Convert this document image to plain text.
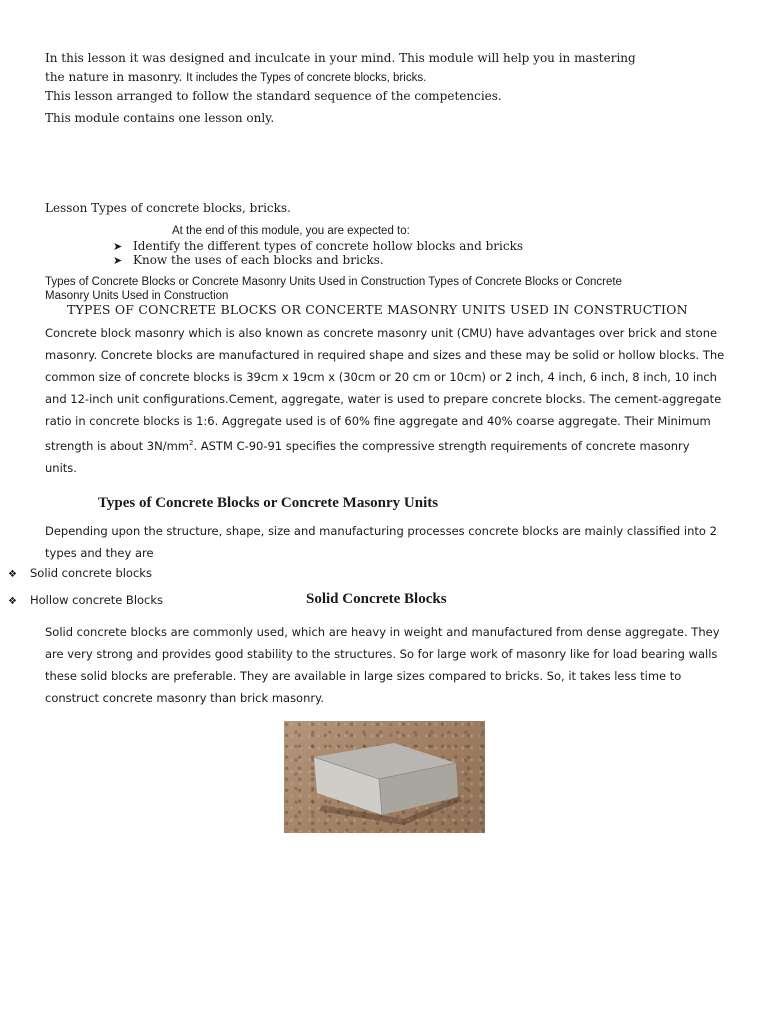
In this lesson it was designed and inculcate in your mind. This module will help you in mastering
the nature in masonry. It includes the Types of concrete blocks, bricks.
This lesson arranged to follow the standard sequence of the competencies.
This module contains one lesson only.
Lesson Types of concrete blocks, bricks.
At the end of this module, you are expected to:
➤ Identify the different types of concrete hollow blocks and bricks
➤ Know the uses of each blocks and bricks.
Types of Concrete Blocks or Concrete Masonry Units Used in Construction Types of Concrete Blocks or Concrete
Masonry Units Used in Construction
TYPES OF CONCRETE BLOCKS OR CONCERTE MASONRY UNITS USED IN CONSTRUCTION
Concrete block masonry which is also known as concrete masonry unit (CMU) have advantages over brick and stone masonry. Concrete blocks are manufactured in required shape and sizes and these may be solid or hollow blocks. The common size of concrete blocks is 39cm x 19cm x (30cm or 20 cm or 10cm) or 2 inch, 4 inch, 6 inch, 8 inch, 10 inch and 12-inch unit configurations.Cement, aggregate, water is used to prepare concrete blocks. The cement-aggregate ratio in concrete blocks is 1:6. Aggregate used is of 60% fine aggregate and 40% coarse aggregate. Their Minimum strength is about $3N/mm^2$. ASTM C-90-91 specifies the compressive strength requirements of concrete masonry units.
Types of Concrete Blocks or Concrete Masonry Units
Depending upon the structure, shape, size and manufacturing processes concrete blocks are mainly classified into 2 types and they are
❖ Solid concrete blocks
❖ Hollow concrete Blocks	Solid Concrete Blocks
Solid concrete blocks are commonly used, which are heavy in weight and manufactured from dense aggregate. They are very strong and provides good stability to the structures. So for large work of masonry like for load bearing walls these solid blocks are preferable. They are available in large sizes compared to bricks. So, it takes less time to construct concrete masonry than brick masonry.
